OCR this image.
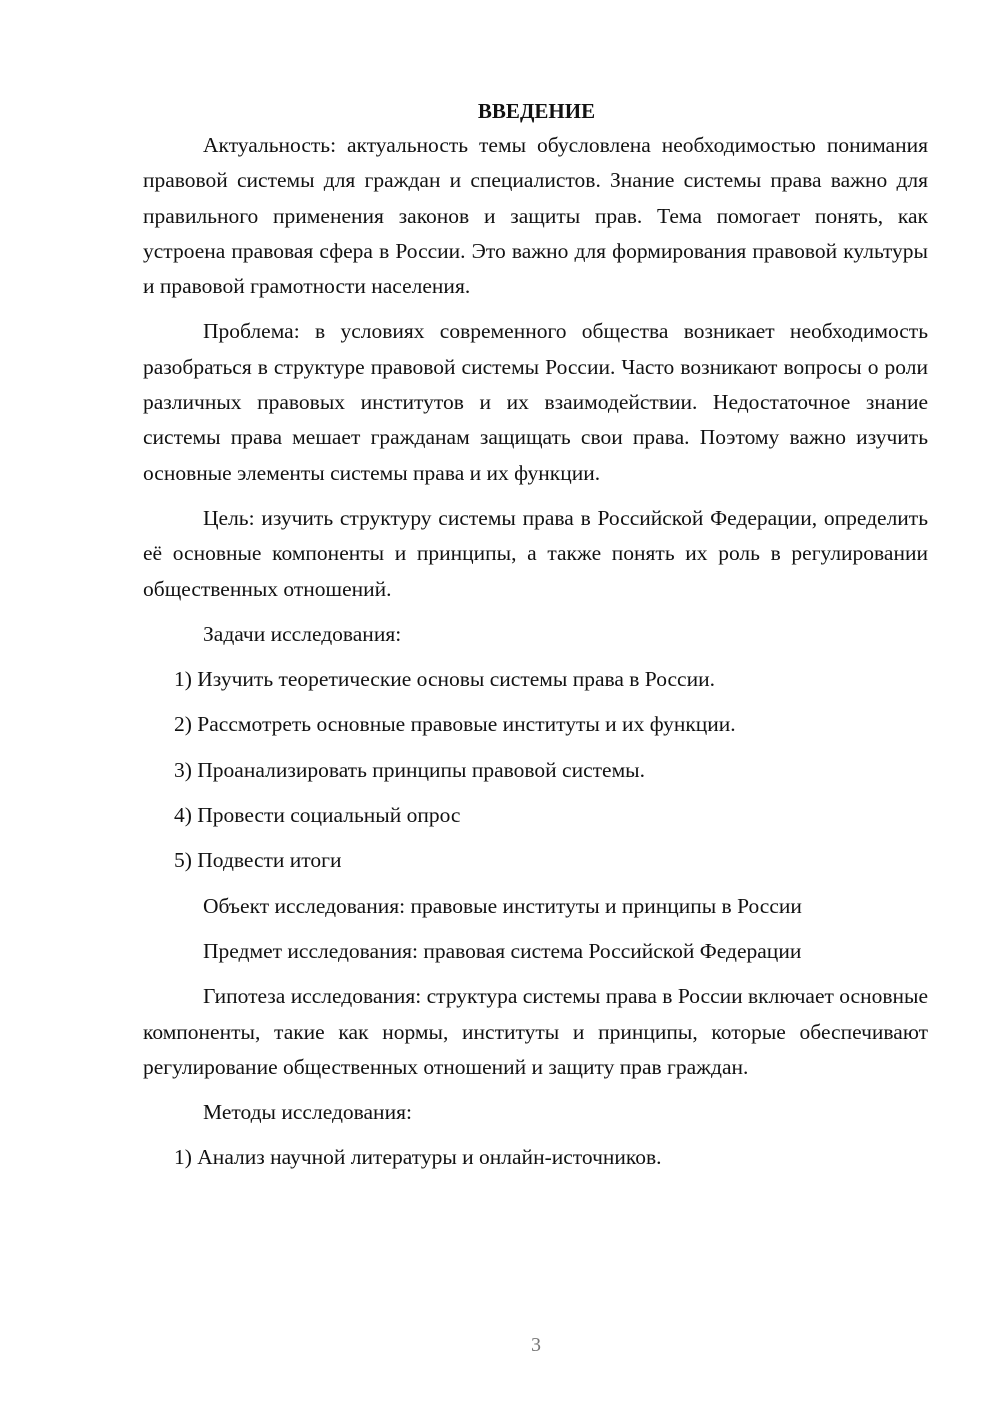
ВВЕДЕНИЕ

Актуальность: актуальность темы обусловлена необходимостью понимания правовой системы для граждан и специалистов. Знание системы права важно для правильного применения законов и защиты прав. Тема помогает понять, как устроена правовая сфера в России. Это важно для формирования правовой культуры и правовой грамотности населения.

Проблема: в условиях современного общества возникает необходимость разобраться в структуре правовой системы России. Часто возникают вопросы о роли различных правовых институтов и их взаимодействии. Недостаточное знание системы права мешает гражданам защищать свои права. Поэтому важно изучить основные элементы системы права и их функции.

Цель: изучить структуру системы права в Российской Федерации, определить её основные компоненты и принципы, а также понять их роль в регулировании общественных отношений.

Задачи исследования:

1) Изучить теоретические основы системы права в России.

2) Рассмотреть основные правовые институты и их функции.

3) Проанализировать принципы правовой системы.

4) Провести социальный опрос

5) Подвести итоги

Объект исследования: правовые институты и принципы в России

Предмет исследования: правовая система Российской Федерации

Гипотеза исследования: структура системы права в России включает основные компоненты, такие как нормы, институты и принципы, которые обеспечивают регулирование общественных отношений и защиту прав граждан.

Методы исследования:

1) Анализ научной литературы и онлайн-источников.

3
